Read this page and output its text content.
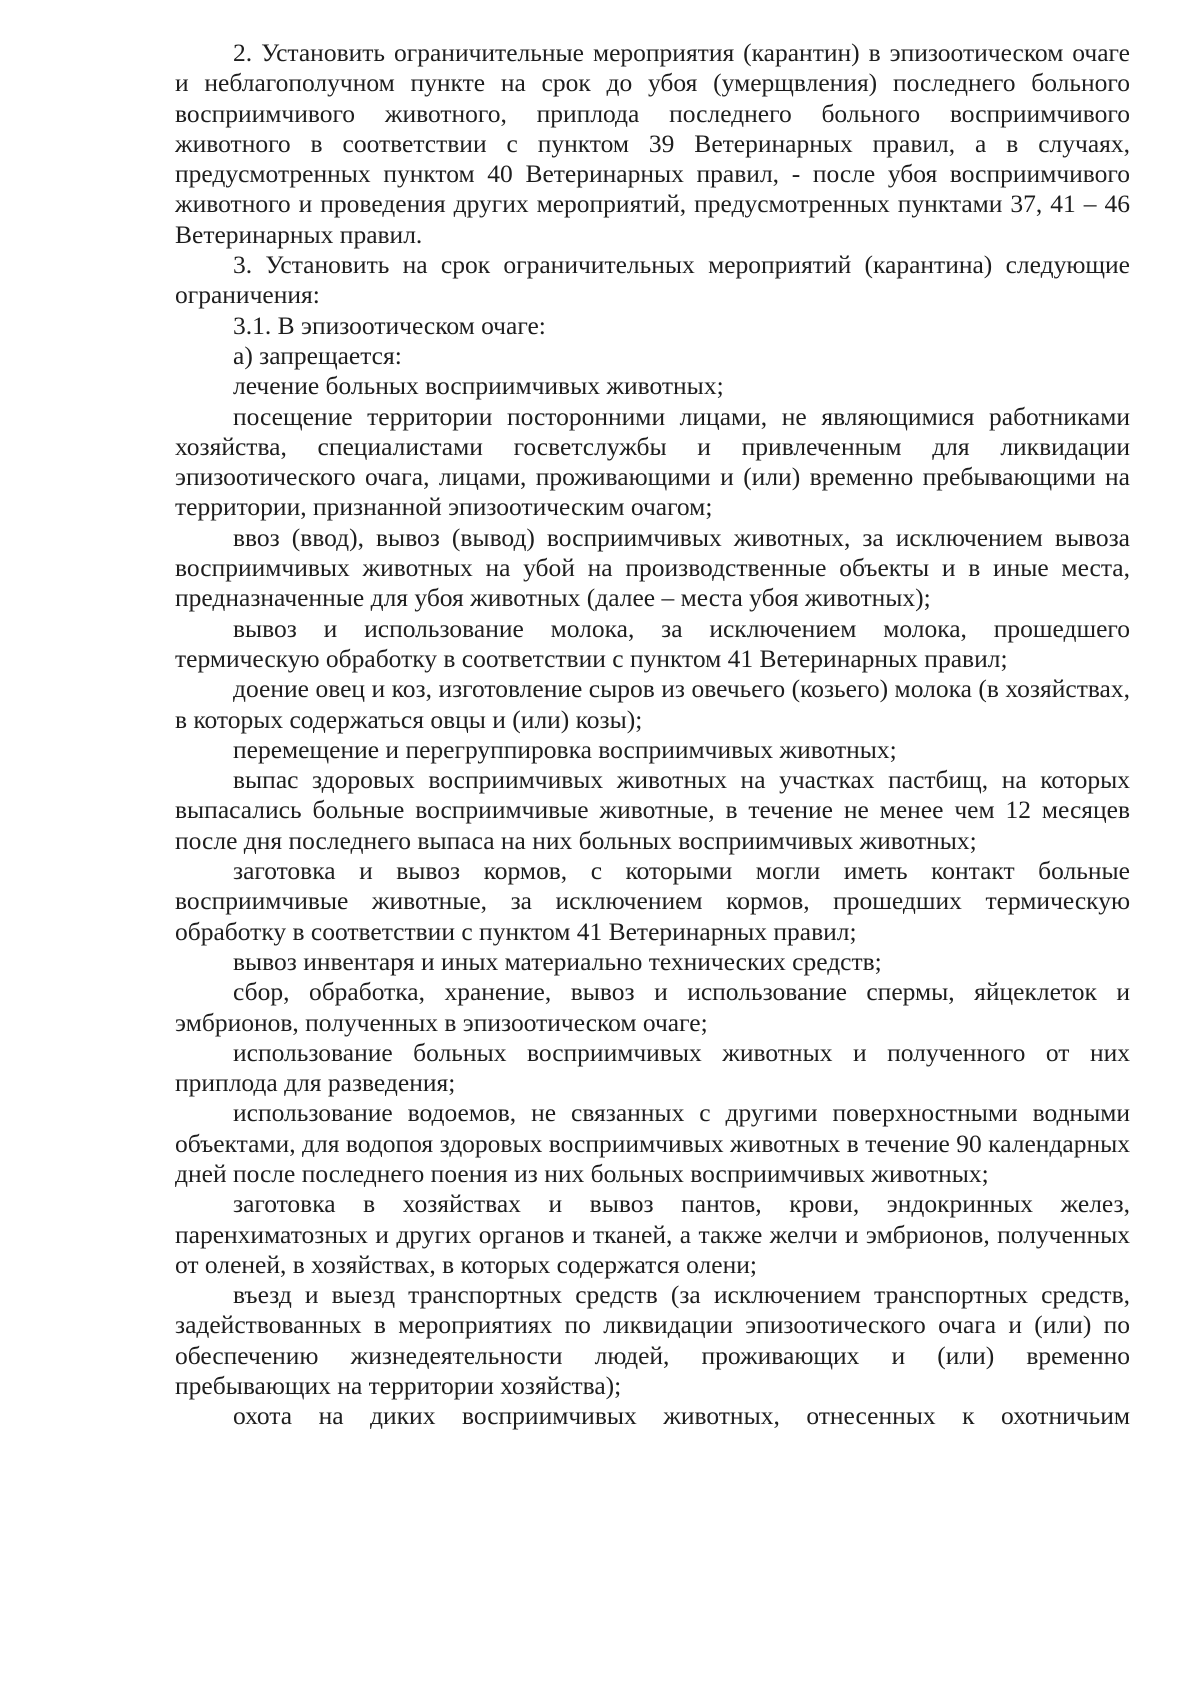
2. Установить ограничительные мероприятия (карантин) в эпизоотическом очаге и неблагополучном пункте на срок до убоя (умерщвления) последнего больного восприимчивого животного, приплода последнего больного восприимчивого животного в соответствии с пунктом 39 Ветеринарных правил, а в случаях, предусмотренных пунктом 40 Ветеринарных правил, - после убоя восприимчивого животного и проведения других мероприятий, предусмотренных пунктами 37, 41 – 46 Ветеринарных правил.

3. Установить на срок ограничительных мероприятий (карантина) следующие ограничения:

3.1. В эпизоотическом очаге:

а) запрещается:

лечение больных восприимчивых животных;

посещение территории посторонними лицами, не являющимися работниками хозяйства, специалистами госветслужбы и привлеченным для ликвидации эпизоотического очага, лицами, проживающими и (или) временно пребывающими на территории, признанной эпизоотическим очагом;

ввоз (ввод), вывоз (вывод) восприимчивых животных, за исключением вывоза восприимчивых животных на убой на производственные объекты и в иные места, предназначенные для убоя животных (далее – места убоя животных);

вывоз и использование молока, за исключением молока, прошедшего термическую обработку в соответствии с пунктом 41 Ветеринарных правил;

доение овец и коз, изготовление сыров из овечьего (козьего) молока (в хозяйствах, в которых содержаться овцы и (или) козы);

перемещение и перегруппировка восприимчивых животных;

выпас здоровых восприимчивых животных на участках пастбищ, на которых выпасались больные восприимчивые животные, в течение не менее чем 12 месяцев после дня последнего выпаса на них больных восприимчивых животных;

заготовка и вывоз кормов, с которыми могли иметь контакт больные восприимчивые животные, за исключением кормов, прошедших термическую обработку в соответствии с пунктом 41 Ветеринарных правил;

вывоз инвентаря и иных материально технических средств;

сбор, обработка, хранение, вывоз и использование спермы, яйцеклеток и эмбрионов, полученных в эпизоотическом очаге;

использование больных восприимчивых животных и полученного от них приплода для разведения;

использование водоемов, не связанных с другими поверхностными водными объектами, для водопоя здоровых восприимчивых животных в течение 90 календарных дней после последнего поения из них больных восприимчивых животных;

заготовка в хозяйствах и вывоз пантов, крови, эндокринных желез, паренхиматозных и других органов и тканей, а также желчи и эмбрионов, полученных от оленей, в хозяйствах, в которых содержатся олени;

въезд и выезд транспортных средств (за исключением транспортных средств, задействованных в мероприятиях по ликвидации эпизоотического очага и (или) по обеспечению жизнедеятельности людей, проживающих и (или) временно пребывающих на территории хозяйства);

охота на диких восприимчивых животных, отнесенных к охотничьим
